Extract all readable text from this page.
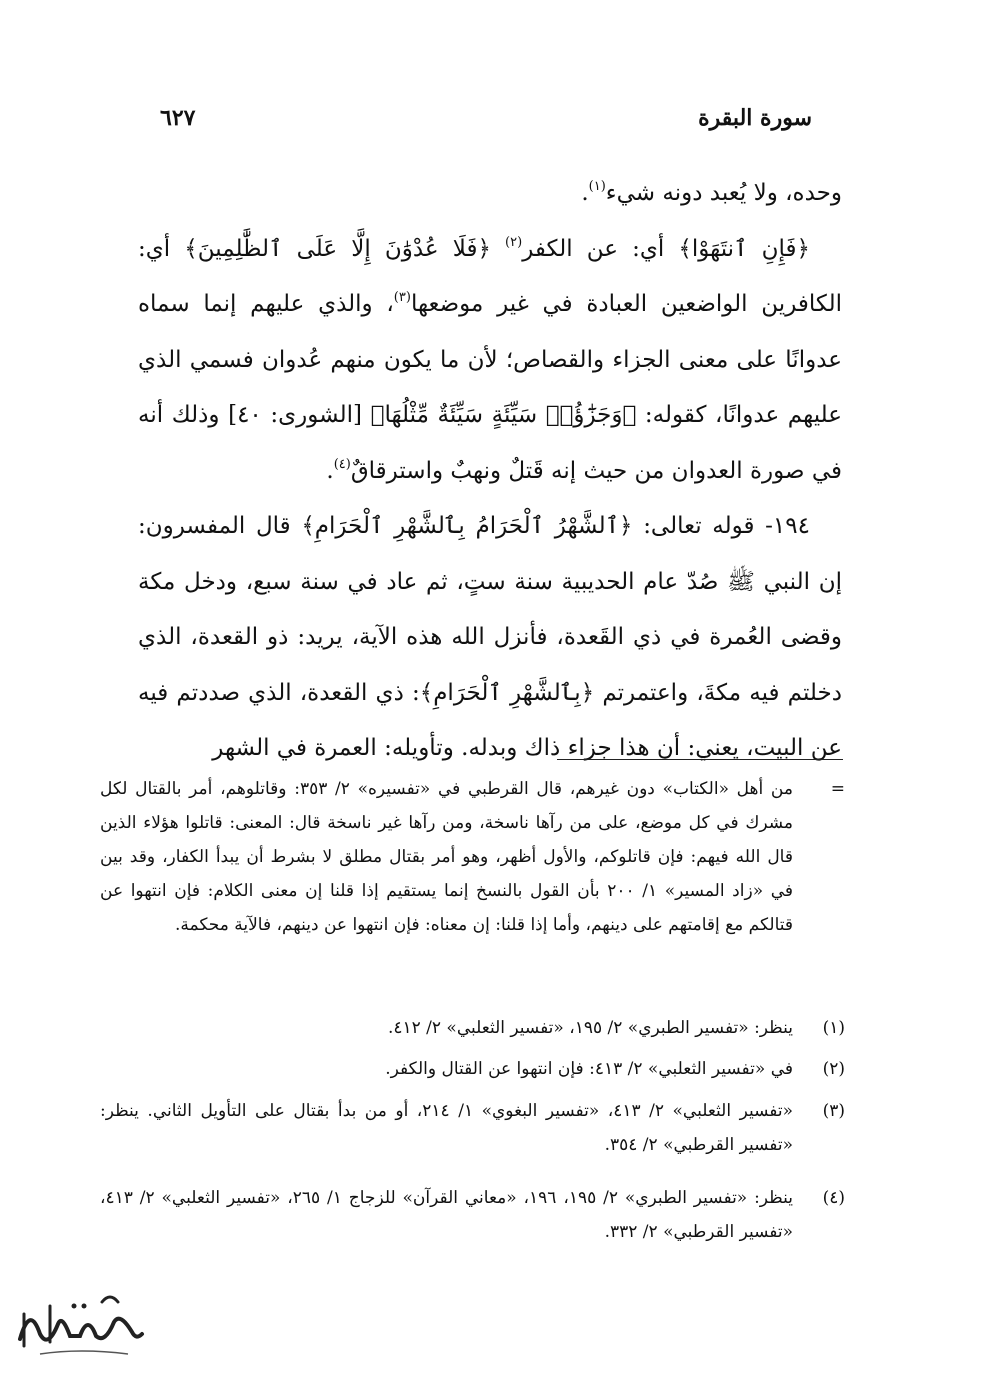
سورة البقرة
٦٢٧

وحده، ولا يُعبد دونه شيء$^{(١)}$.

﴿فَإِنِ ٱنتَهَوْا﴾ أي: عن الكفر$^{(٢)}$ ﴿فَلَا عُدْوَٰنَ إِلَّا عَلَى ٱلظَّٰلِمِينَ﴾ أي: الكافرين الواضعين العبادة في غير موضعها$^{(٣)}$، والذي عليهم إنما سماه عدوانًا على معنى الجزاء والقصاص؛ لأن ما يكون منهم عُدوان فسمي الذي عليهم عدوانًا، كقوله: ﴿وَجَزَٰٓؤُا۟ سَيِّئَةٍ سَيِّئَةٌ مِّثْلُهَا﴾ [الشورى: ٤٠] وذلك أنه في صورة العدوان من حيث إنه قَتلٌ ونهبٌ واسترقاقٌ$^{(٤)}$.

١٩٤- قوله تعالى: ﴿ٱلشَّهْرُ ٱلْحَرَامُ بِٱلشَّهْرِ ٱلْحَرَامِ﴾ قال المفسرون: إن النبي ﷺ صُدّ عام الحديبية سنة ستٍ، ثم عاد في سنة سبع، ودخل مكة وقضى العُمرة في ذي القَعدة، فأنزل الله هذه الآية، يريد: ذو القعدة، الذي دخلتم فيه مكةَ، واعتمرتم ﴿بِٱلشَّهْرِ ٱلْحَرَامِ﴾: ذي القعدة، الذي صددتم فيه عن البيت، يعني: أن هذا جزاء ذاك وبدله. وتأويله: العمرة في الشهر

=
من أهل «الكتاب» دون غيرهم، قال القرطبي في «تفسيره» ٢/ ٣٥٣: وقاتلوهم، أمر بالقتال لكل مشرك في كل موضع، على من رآها ناسخة، ومن رآها غير ناسخة قال: المعنى: قاتلوا هؤلاء الذين قال الله فيهم: فإن قاتلوكم، والأول أظهر، وهو أمر بقتال مطلق لا بشرط أن يبدأ الكفار، وقد بين في «زاد المسير» ١/ ٢٠٠ بأن القول بالنسخ إنما يستقيم إذا قلنا إن معنى الكلام: فإن انتهوا عن قتالكم مع إقامتهم على دينهم، وأما إذا قلنا: إن معناه: فإن انتهوا عن دينهم، فالآية محكمة.
(١)
ينظر: «تفسير الطبري» ٢/ ١٩٥، «تفسير الثعلبي» ٢/ ٤١٢.
(٢)
في «تفسير الثعلبي» ٢/ ٤١٣: فإن انتهوا عن القتال والكفر.
(٣)
«تفسير الثعلبي» ٢/ ٤١٣، «تفسير البغوي» ١/ ٢١٤، أو من بدأ بقتال على التأويل الثاني. ينظر: «تفسير القرطبي» ٢/ ٣٥٤.
(٤)
ينظر: «تفسير الطبري» ٢/ ١٩٥، ١٩٦، «معاني القرآن» للزجاج ١/ ٢٦٥، «تفسير الثعلبي» ٢/ ٤١٣، «تفسير القرطبي» ٢/ ٣٣٢.
